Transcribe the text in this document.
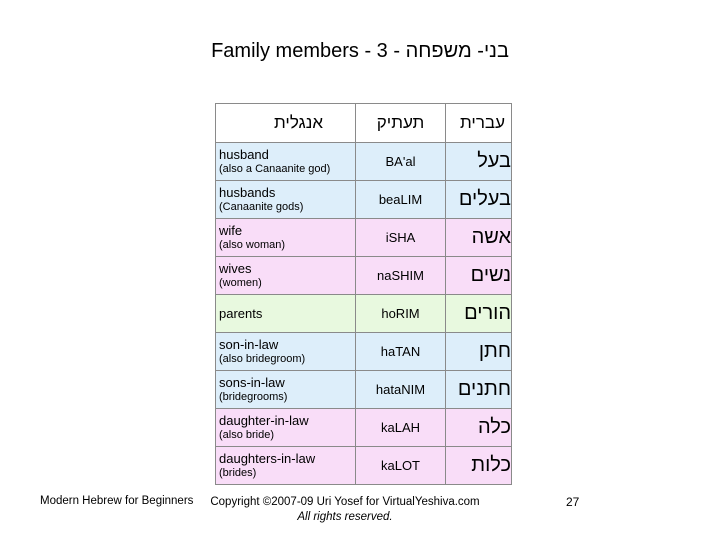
Family members - 3 - בני- משפחה
אנגלית	תעתיק	עברית

husband
(also a Canaanite god)	BA'al	בעל

husbands
(Canaanite gods)	beaLIM	בעלים

wife
(also woman)	iSHA	אשה

wives
(women)	naSHIM	נשים

parents	hoRIM	הורים

son-in-law
(also bridegroom)	haTAN	חתן

sons-in-law
(bridegrooms)	hataNIM	חתנים

daughter-in-law
(also bride)	kaLAH	כלה

daughters-in-law
(brides)	kaLOT	כלות
Modern Hebrew for Beginners	Copyright ©2007-09 Uri Yosef for VirtualYeshiva.com
All rights reserved.
27
